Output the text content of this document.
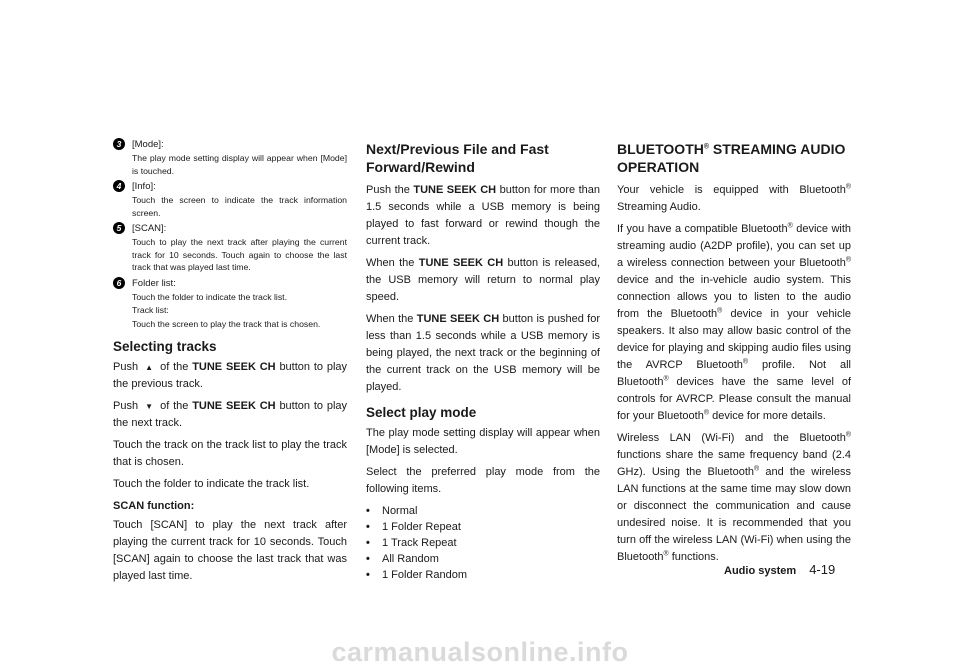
3	[Mode]:
The play mode setting display will appear when [Mode] is touched.
4	[Info]:
Touch the screen to indicate the track information screen.
5	[SCAN]:
Touch to play the next track after playing the current track for 10 seconds. Touch again to choose the last track that was played last time.
6	Folder list:
Touch the folder to indicate the track list.
Track list:
Touch the screen to play the track that is chosen.
Selecting tracks

Push ▲ of the TUNE SEEK CH button to play the previous track.

Push ▼ of the TUNE SEEK CH button to play the next track.

Touch the track on the track list to play the track that is chosen.

Touch the folder to indicate the track list.

SCAN function:

Touch [SCAN] to play the next track after playing the current track for 10 seconds. Touch [SCAN] again to choose the last track that was played last time.

Next/Previous File and Fast Forward/Rewind

Push the TUNE SEEK CH button for more than 1.5 seconds while a USB memory is being played to fast forward or rewind though the current track.

When the TUNE SEEK CH button is released, the USB memory will return to normal play speed.

When the TUNE SEEK CH button is pushed for less than 1.5 seconds while a USB memory is being played, the next track or the beginning of the current track on the USB memory will be played.

Select play mode

The play mode setting display will appear when [Mode] is selected.

Select the preferred play mode from the following items.

•	Normal
•	1 Folder Repeat
•	1 Track Repeat
•	All Random
•	1 Folder Random
BLUETOOTH® STREAMING AUDIO OPERATION

Your vehicle is equipped with Bluetooth® Streaming Audio.

If you have a compatible Bluetooth® device with streaming audio (A2DP profile), you can set up a wireless connection between your Bluetooth® device and the in-vehicle audio system. This connection allows you to listen to the audio from the Bluetooth® device in your vehicle speakers. It also may allow basic control of the device for playing and skipping audio files using the AVRCP Bluetooth® profile. Not all Bluetooth® devices have the same level of controls for AVRCP. Please consult the manual for your Bluetooth® device for more details.

Wireless LAN (Wi-Fi) and the Bluetooth® functions share the same frequency band (2.4 GHz). Using the Bluetooth® and the wireless LAN functions at the same time may slow down or disconnect the communication and cause undesired noise. It is recommended that you turn off the wireless LAN (Wi-Fi) when using the Bluetooth® functions.

Audio system 4-19
carmanualsonline.info
